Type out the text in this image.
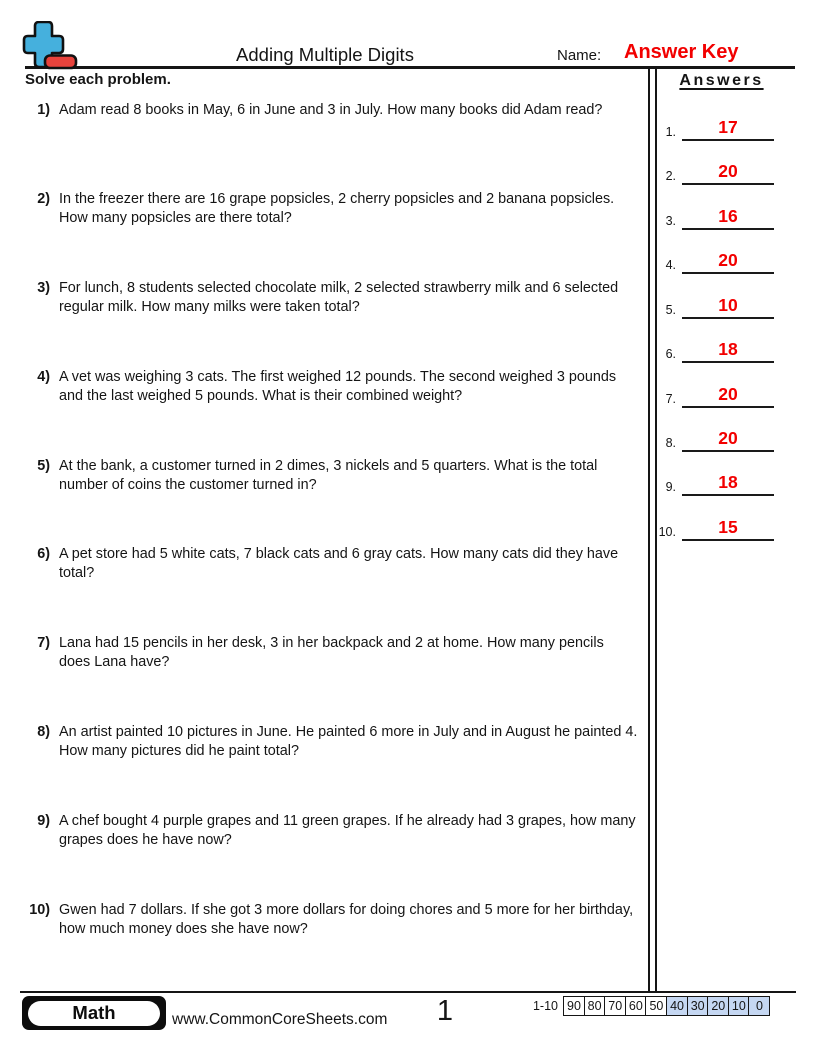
Adding Multiple Digits	Name: Answer Key
Solve each problem.	Answers
1.	17
2.	20
3.	16
4.	20
5.	10
6.	18
7.	20
8.	20
9.	18
10.	15
1) Adam read 8 books in May, 6 in June and 3 in July. How many books did Adam read?
2) In the freezer there are 16 grape popsicles, 2 cherry popsicles and 2 banana popsicles. How many popsicles are there total?
3) For lunch, 8 students selected chocolate milk, 2 selected strawberry milk and 6 selected regular milk. How many milks were taken total?
4) A vet was weighing 3 cats. The first weighed 12 pounds. The second weighed 3 pounds and the last weighed 5 pounds. What is their combined weight?
5) At the bank, a customer turned in 2 dimes, 3 nickels and 5 quarters. What is the total number of coins the customer turned in?
6) A pet store had 5 white cats, 7 black cats and 6 gray cats. How many cats did they have total?
7) Lana had 15 pencils in her desk, 3 in her backpack and 2 at home. How many pencils does Lana have?
8) An artist painted 10 pictures in June. He painted 6 more in July and in August he painted 4. How many pictures did he paint total?
9) A chef bought 4 purple grapes and 11 green grapes. If he already had 3 grapes, how many grapes does he have now?
10) Gwen had 7 dollars. If she got 3 more dollars for doing chores and 5 more for her birthday, how much money does she have now?
Math	www.CommonCoreSheets.com	1	1-10 90 80 70 60 50 40 30 20 10 0
